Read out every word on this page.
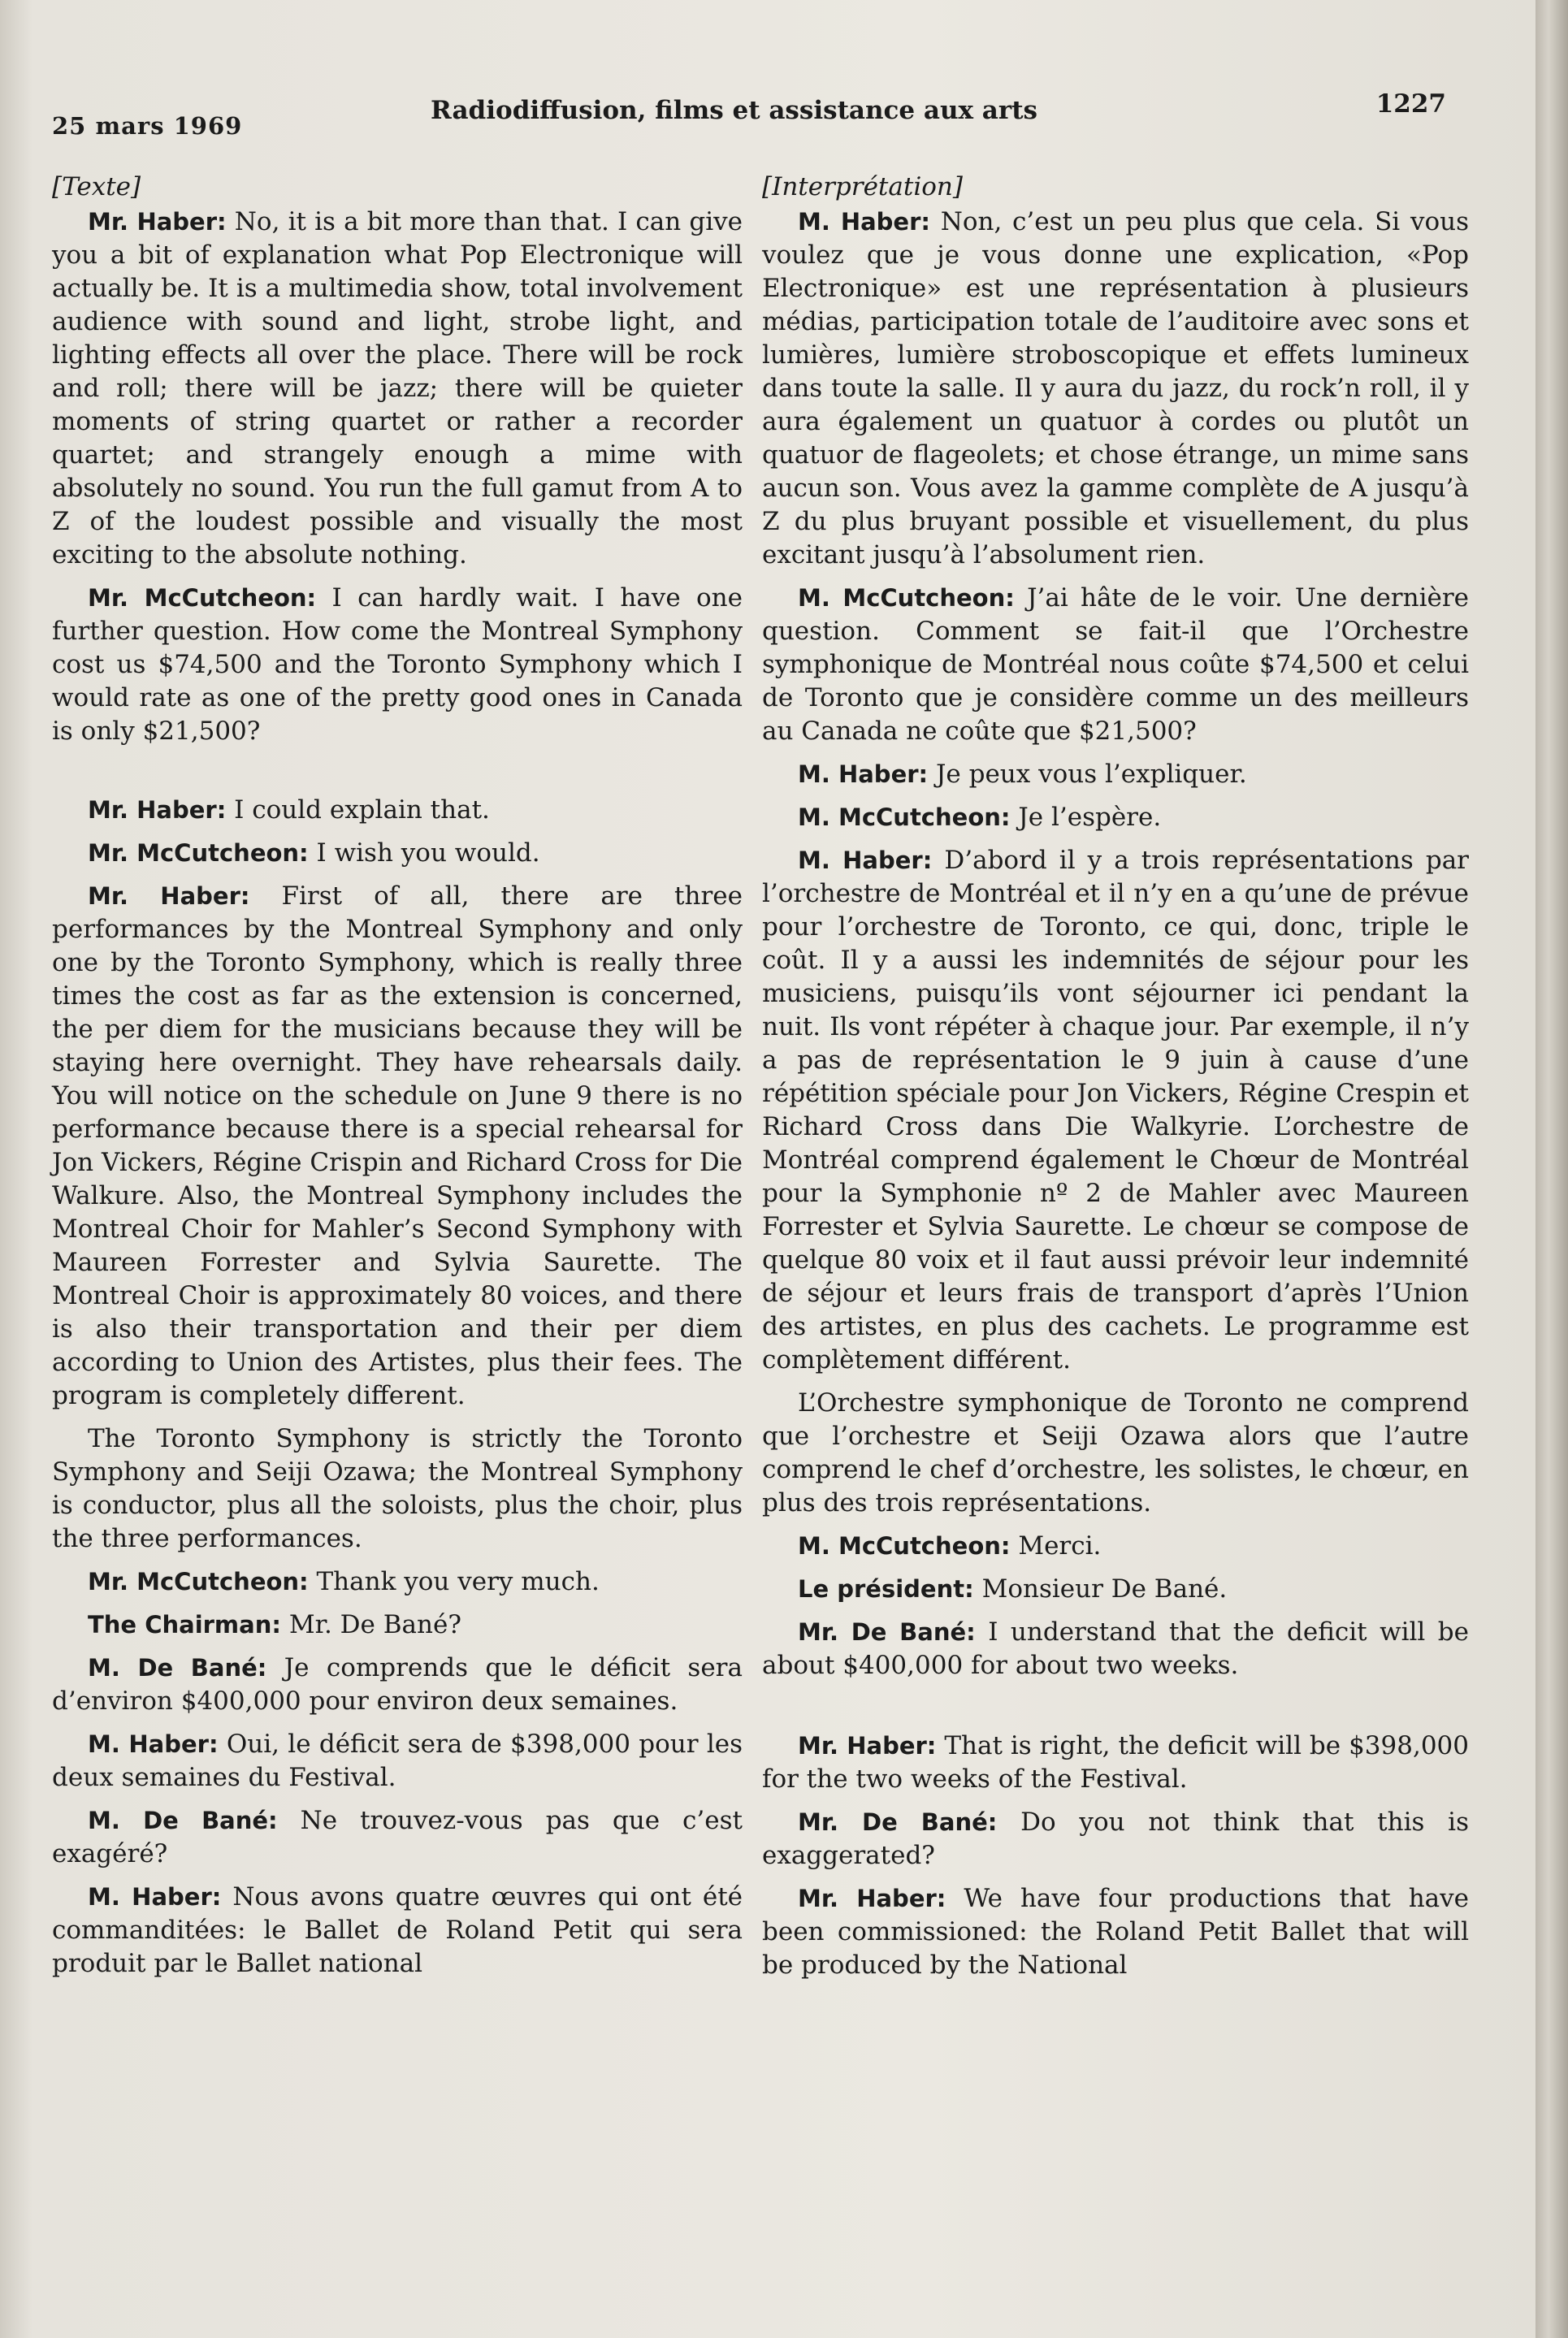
25 mars 1969
Radiodiffusion, films et assistance aux arts	1227
[Texte]

Mr. Haber: No, it is a bit more than that. I can give you a bit of explanation what Pop Electronique will actually be. It is a multimedia show, total involvement audience with sound and light, strobe light, and lighting effects all over the place. There will be rock and roll; there will be jazz; there will be quieter moments of string quartet or rather a recorder quartet; and strangely enough a mime with absolutely no sound. You run the full gamut from A to Z of the loudest possible and visually the most exciting to the absolute nothing.

Mr. McCutcheon: I can hardly wait. I have one further question. How come the Montreal Symphony cost us $74,500 and the Toronto Symphony which I would rate as one of the pretty good ones in Canada is only $21,500?

Mr. Haber: I could explain that.

Mr. McCutcheon: I wish you would.

Mr. Haber: First of all, there are three performances by the Montreal Symphony and only one by the Toronto Symphony, which is really three times the cost as far as the extension is concerned, the per diem for the musicians because they will be staying here overnight. They have rehearsals daily. You will notice on the schedule on June 9 there is no performance because there is a special rehearsal for Jon Vickers, Régine Crispin and Richard Cross for Die Walkure. Also, the Montreal Symphony includes the Montreal Choir for Mahler’s Second Symphony with Maureen Forrester and Sylvia Saurette. The Montreal Choir is approximately 80 voices, and there is also their transportation and their per diem according to Union des Artistes, plus their fees. The program is completely different.

The Toronto Symphony is strictly the Toronto Symphony and Seiji Ozawa; the Montreal Symphony is conductor, plus all the soloists, plus the choir, plus the three performances.

Mr. McCutcheon: Thank you very much.

The Chairman: Mr. De Bané?

M. De Bané: Je comprends que le déficit sera d’environ $400,000 pour environ deux semaines.

M. Haber: Oui, le déficit sera de $398,000 pour les deux semaines du Festival.

M. De Bané: Ne trouvez-vous pas que c’est exagéré?

M. Haber: Nous avons quatre œuvres qui ont été commanditées: le Ballet de Roland Petit qui sera produit par le Ballet national

[Interprétation]

M. Haber: Non, c’est un peu plus que cela. Si vous voulez que je vous donne une explication, «Pop Electronique» est une représentation à plusieurs médias, participation totale de l’auditoire avec sons et lumières, lumière stroboscopique et effets lumineux dans toute la salle. Il y aura du jazz, du rock’n roll, il y aura également un quatuor à cordes ou plutôt un quatuor de flageolets; et chose étrange, un mime sans aucun son. Vous avez la gamme complète de A jusqu’à Z du plus bruyant possible et visuellement, du plus excitant jusqu’à l’absolument rien.

M. McCutcheon: J’ai hâte de le voir. Une dernière question. Comment se fait-il que l’Orchestre symphonique de Montréal nous coûte $74,500 et celui de Toronto que je considère comme un des meilleurs au Canada ne coûte que $21,500?

M. Haber: Je peux vous l’expliquer.

M. McCutcheon: Je l’espère.

M. Haber: D’abord il y a trois représentations par l’orchestre de Montréal et il n’y en a qu’une de prévue pour l’orchestre de Toronto, ce qui, donc, triple le coût. Il y a aussi les indemnités de séjour pour les musiciens, puisqu’ils vont séjourner ici pendant la nuit. Ils vont répéter à chaque jour. Par exemple, il n’y a pas de représentation le 9 juin à cause d’une répétition spéciale pour Jon Vickers, Régine Crespin et Richard Cross dans Die Walkyrie. L’orchestre de Montréal comprend également le Chœur de Montréal pour la Symphonie nº 2 de Mahler avec Maureen Forrester et Sylvia Saurette. Le chœur se compose de quelque 80 voix et il faut aussi prévoir leur indemnité de séjour et leurs frais de transport d’après l’Union des artistes, en plus des cachets. Le programme est complètement différent.

L’Orchestre symphonique de Toronto ne comprend que l’orchestre et Seiji Ozawa alors que l’autre comprend le chef d’orchestre, les solistes, le chœur, en plus des trois représentations.

M. McCutcheon: Merci.

Le président: Monsieur De Bané.

Mr. De Bané: I understand that the deficit will be about $400,000 for about two weeks.

Mr. Haber: That is right, the deficit will be $398,000 for the two weeks of the Festival.

Mr. De Bané: Do you not think that this is exaggerated?

Mr. Haber: We have four productions that have been commissioned: the Roland Petit Ballet that will be produced by the National
